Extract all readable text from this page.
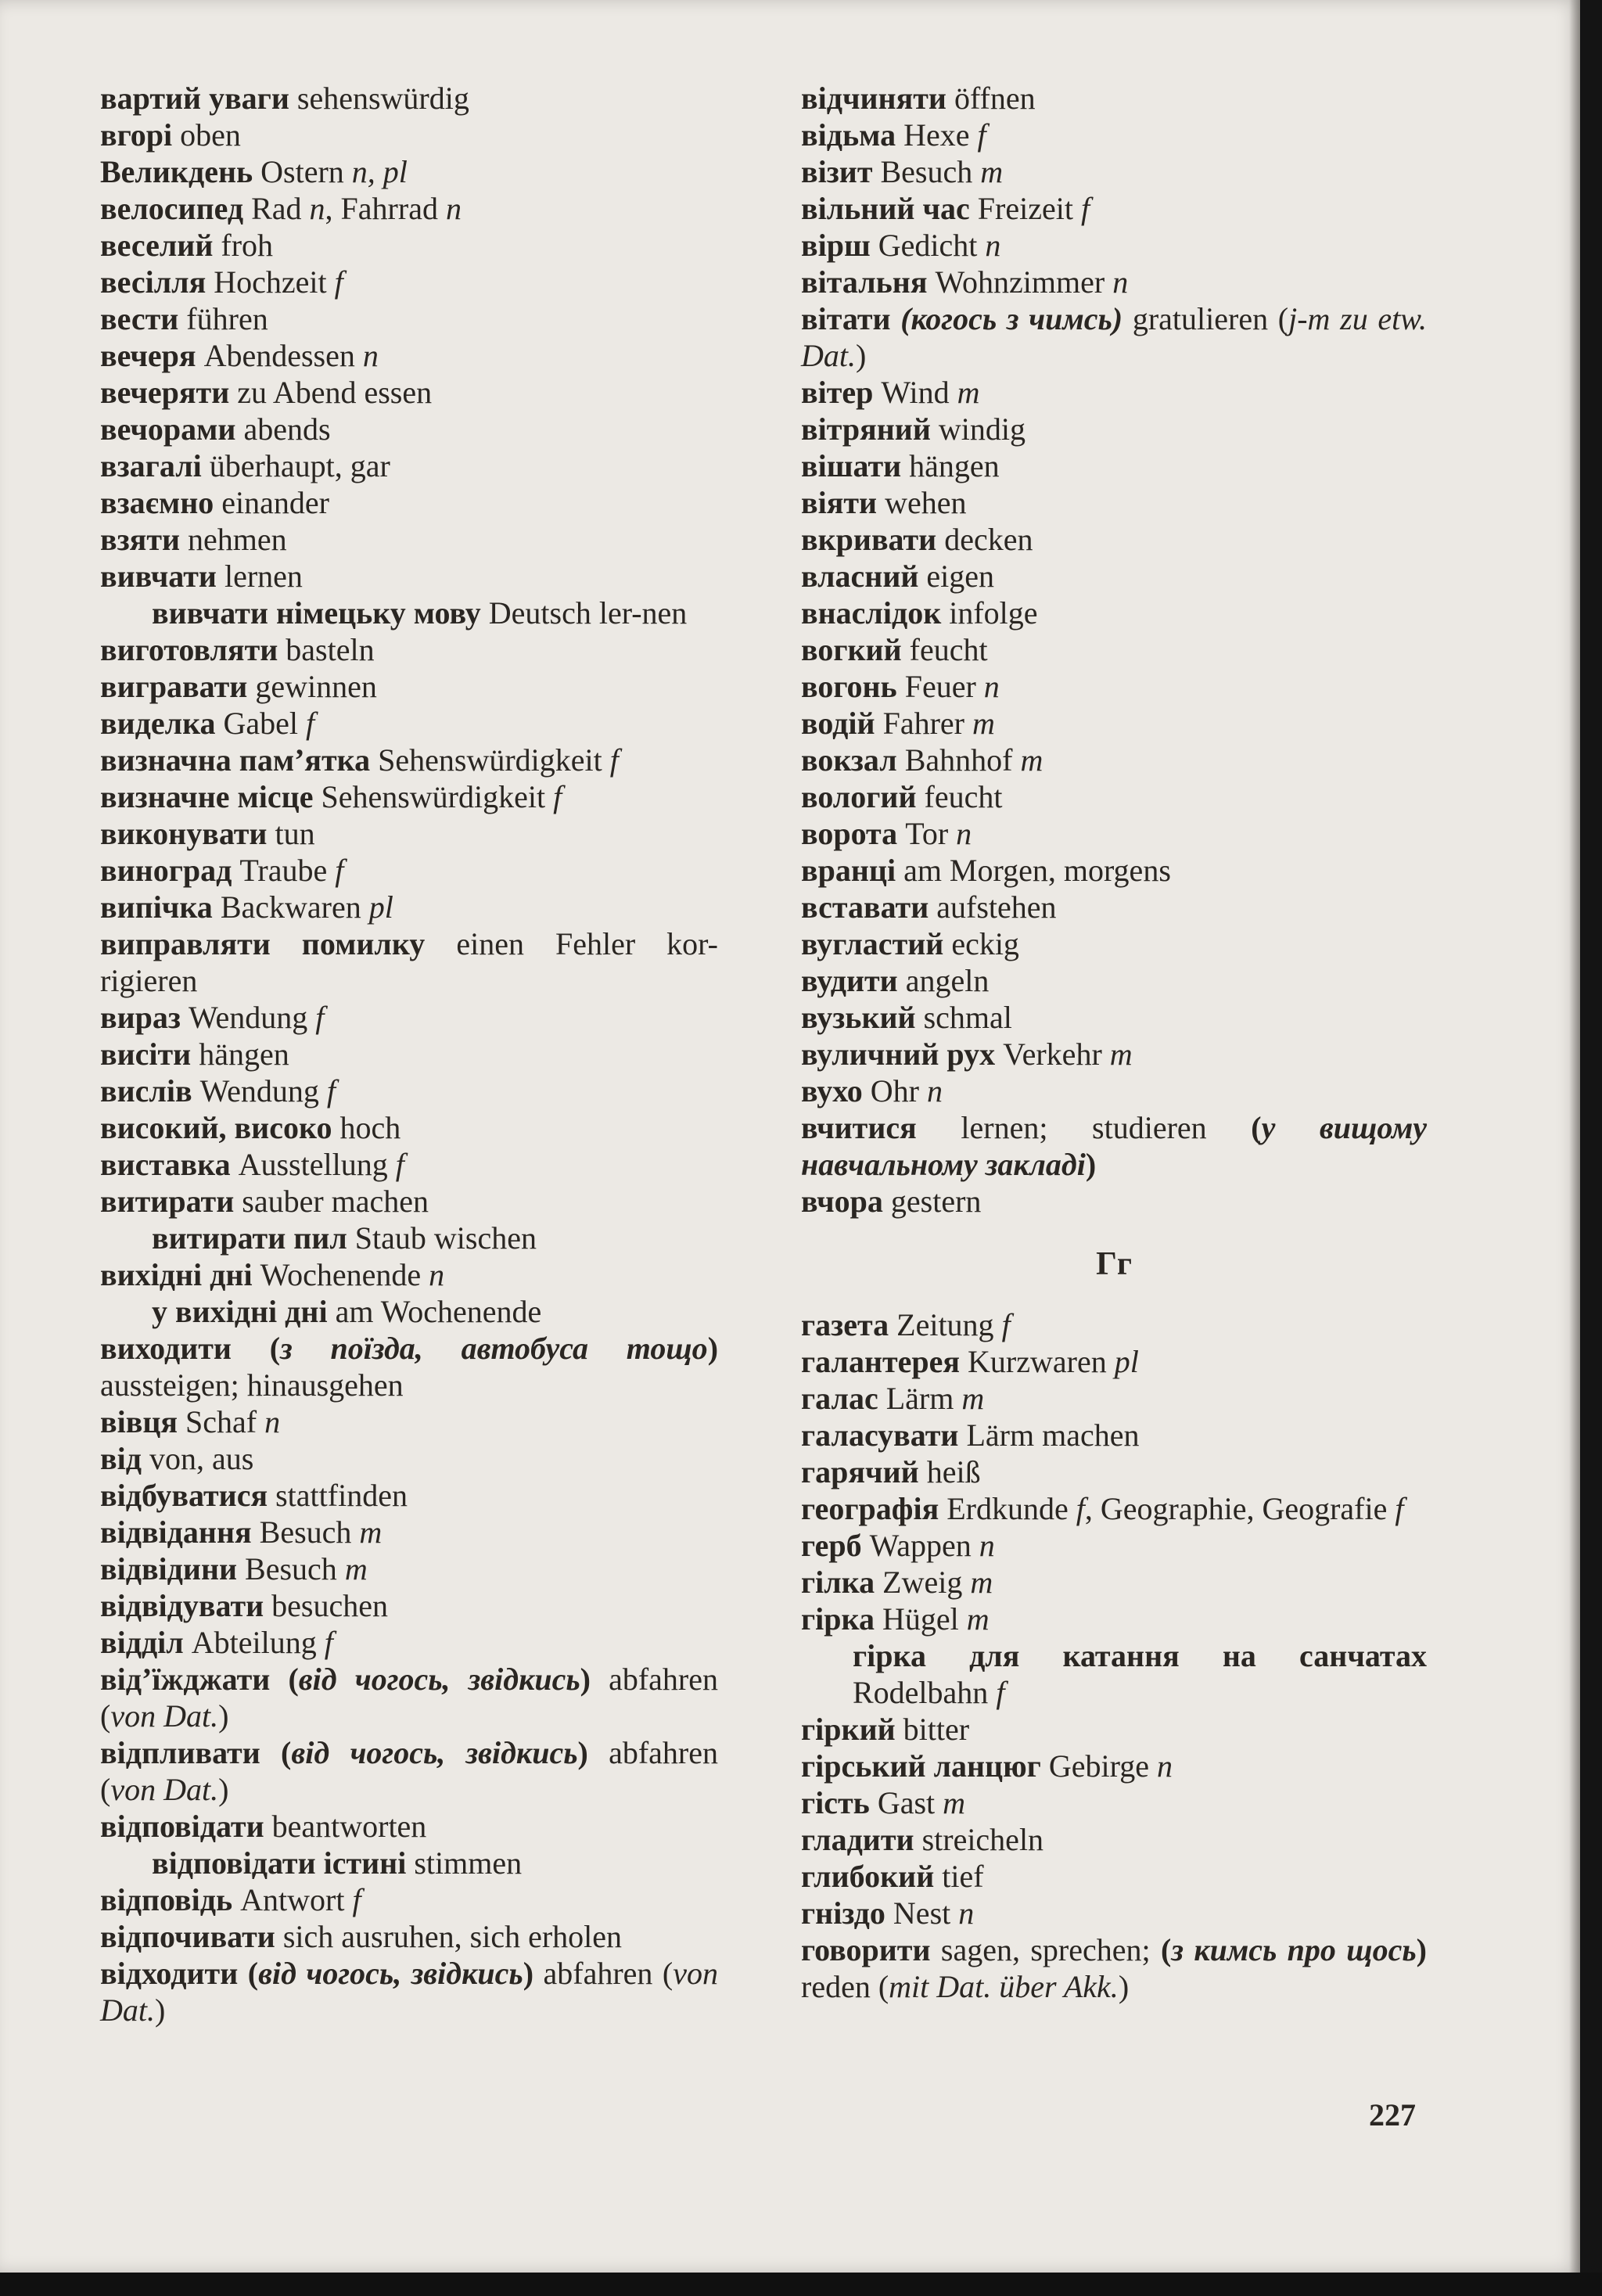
вартий уваги sehenswürdig

вгорі oben

Великдень Ostern n, pl

велосипед Rad n, Fahrrad n

веселий froh

весілля Hochzeit f

вести führen

вечеря Abendessen n

вечеряти zu Abend essen

вечорами abends

взагалі überhaupt, gar

взаємно einander

взяти nehmen

вивчати lernen

вивчати німецьку мову Deutsch ler-nen

виготовляти basteln

вигравати gewinnen

виделка Gabel f

визначна пам’ятка Sehenswürdigkeit f

визначне місце Sehenswürdigkeit f

виконувати tun

виноград Traube f

випічка Backwaren pl

виправляти помилку einen Fehler kor-rigieren

вираз Wendung f

висіти hängen

вислів Wendung f

високий, високо hoch

виставка Ausstellung f

витирати sauber machen

витирати пил Staub wischen

вихідні дні Wochenende n

у вихідні дні am Wochenende

виходити (з поїзда, автобуса тощо) aussteigen; hinausgehen

вівця Schaf n

від von, aus

відбуватися stattfinden

відвідання Besuch m

відвідини Besuch m

відвідувати besuchen

відділ Abteilung f

від’їжджати (від чогось, звідкись) abfahren (von Dat.)

відпливати (від чогось, звідкись) abfahren (von Dat.)

відповідати beantworten

відповідати істині stimmen

відповідь Antwort f

відпочивати sich ausruhen, sich erholen

відходити (від чогось, звідкись) abfahren (von Dat.)

відчиняти öffnen

відьма Hexe f

візит Besuch m

вільний час Freizeit f

вірш Gedicht n

вітальня Wohnzimmer n

вітати (когось з чимсь) gratulieren (j-m zu etw. Dat.)

вітер Wind m

вітряний windig

вішати hängen

віяти wehen

вкривати decken

власний eigen

внаслідок infolge

вогкий feucht

вогонь Feuer n

водій Fahrer m

вокзал Bahnhof m

вологий feucht

ворота Tor n

вранці am Morgen, morgens

вставати aufstehen

вугластий eckig

вудити angeln

вузький schmal

вуличний рух Verkehr m

вухо Ohr n

вчитися lernen; studieren (у вищому навчальному закладі)

вчора gestern

Гг

газета Zeitung f

галантерея Kurzwaren pl

галас Lärm m

галасувати Lärm machen

гарячий heiß

географія Erdkunde f, Geographie, Geografie f

герб Wappen n

гілка Zweig m

гірка Hügel m

гірка для катання на санчатах Rodelbahn f

гіркий bitter

гірський ланцюг Gebirge n

гість Gast m

гладити streicheln

глибокий tief

гніздо Nest n

говорити sagen, sprechen; (з кимсь про щось) reden (mit Dat. über Akk.)

227
